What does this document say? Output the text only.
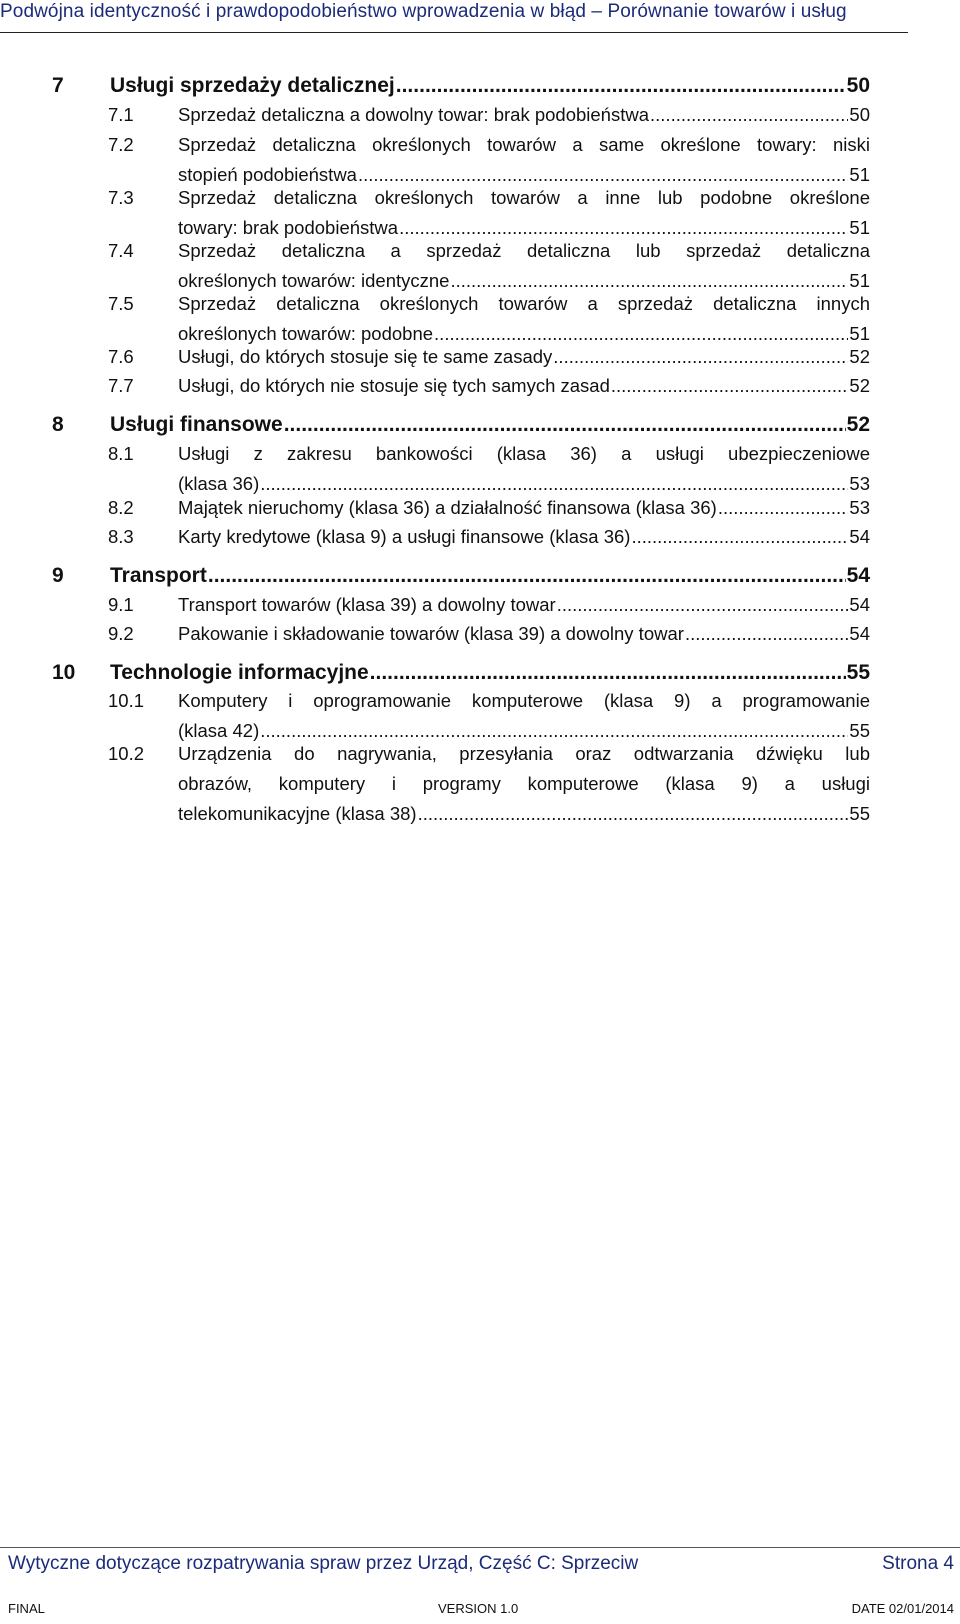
Podwójna identyczność i prawdopodobieństwo wprowadzenia w błąd – Porównanie towarów i usług
7 Usługi sprzedaży detalicznej .....	50
7.1 Sprzedaż detaliczna a dowolny towar: brak podobieństwa .....	50
7.2 Sprzedaż detaliczna określonych towarów a same określone towary: niski
stopień podobieństwa .....	51
7.3 Sprzedaż detaliczna określonych towarów a inne lub podobne określone
towary: brak podobieństwa .....	51
7.4 Sprzedaż detaliczna a sprzedaż detaliczna lub sprzedaż detaliczna
określonych towarów: identyczne .....	51
7.5 Sprzedaż detaliczna określonych towarów a sprzedaż detaliczna innych
określonych towarów: podobne .....	51
7.6 Usługi, do których stosuje się te same zasady .....	52
7.7 Usługi, do których nie stosuje się tych samych zasad .....	52
8 Usługi finansowe .....	52
8.1 Usługi z zakresu bankowości (klasa 36) a usługi ubezpieczeniowe
(klasa 36) .....	53
8.2 Majątek nieruchomy (klasa 36) a działalność finansowa (klasa 36) .....	53
8.3 Karty kredytowe (klasa 9) a usługi finansowe (klasa 36) .....	54
9 Transport .....	54
9.1 Transport towarów (klasa 39) a dowolny towar .....	54
9.2 Pakowanie i składowanie towarów (klasa 39) a dowolny towar .....	54
10 Technologie informacyjne .....	55
10.1 Komputery i oprogramowanie komputerowe (klasa 9) a programowanie
(klasa 42) .....	55
10.2 Urządzenia do nagrywania, przesyłania oraz odtwarzania dźwięku lub
obrazów, komputery i programy komputerowe (klasa 9) a usługi
telekomunikacyjne (klasa 38) .....	55
Wytyczne dotyczące rozpatrywania spraw przez Urząd, Część C: Sprzeciw	Strona 4
FINAL	VERSION 1.0	DATE 02/01/2014
